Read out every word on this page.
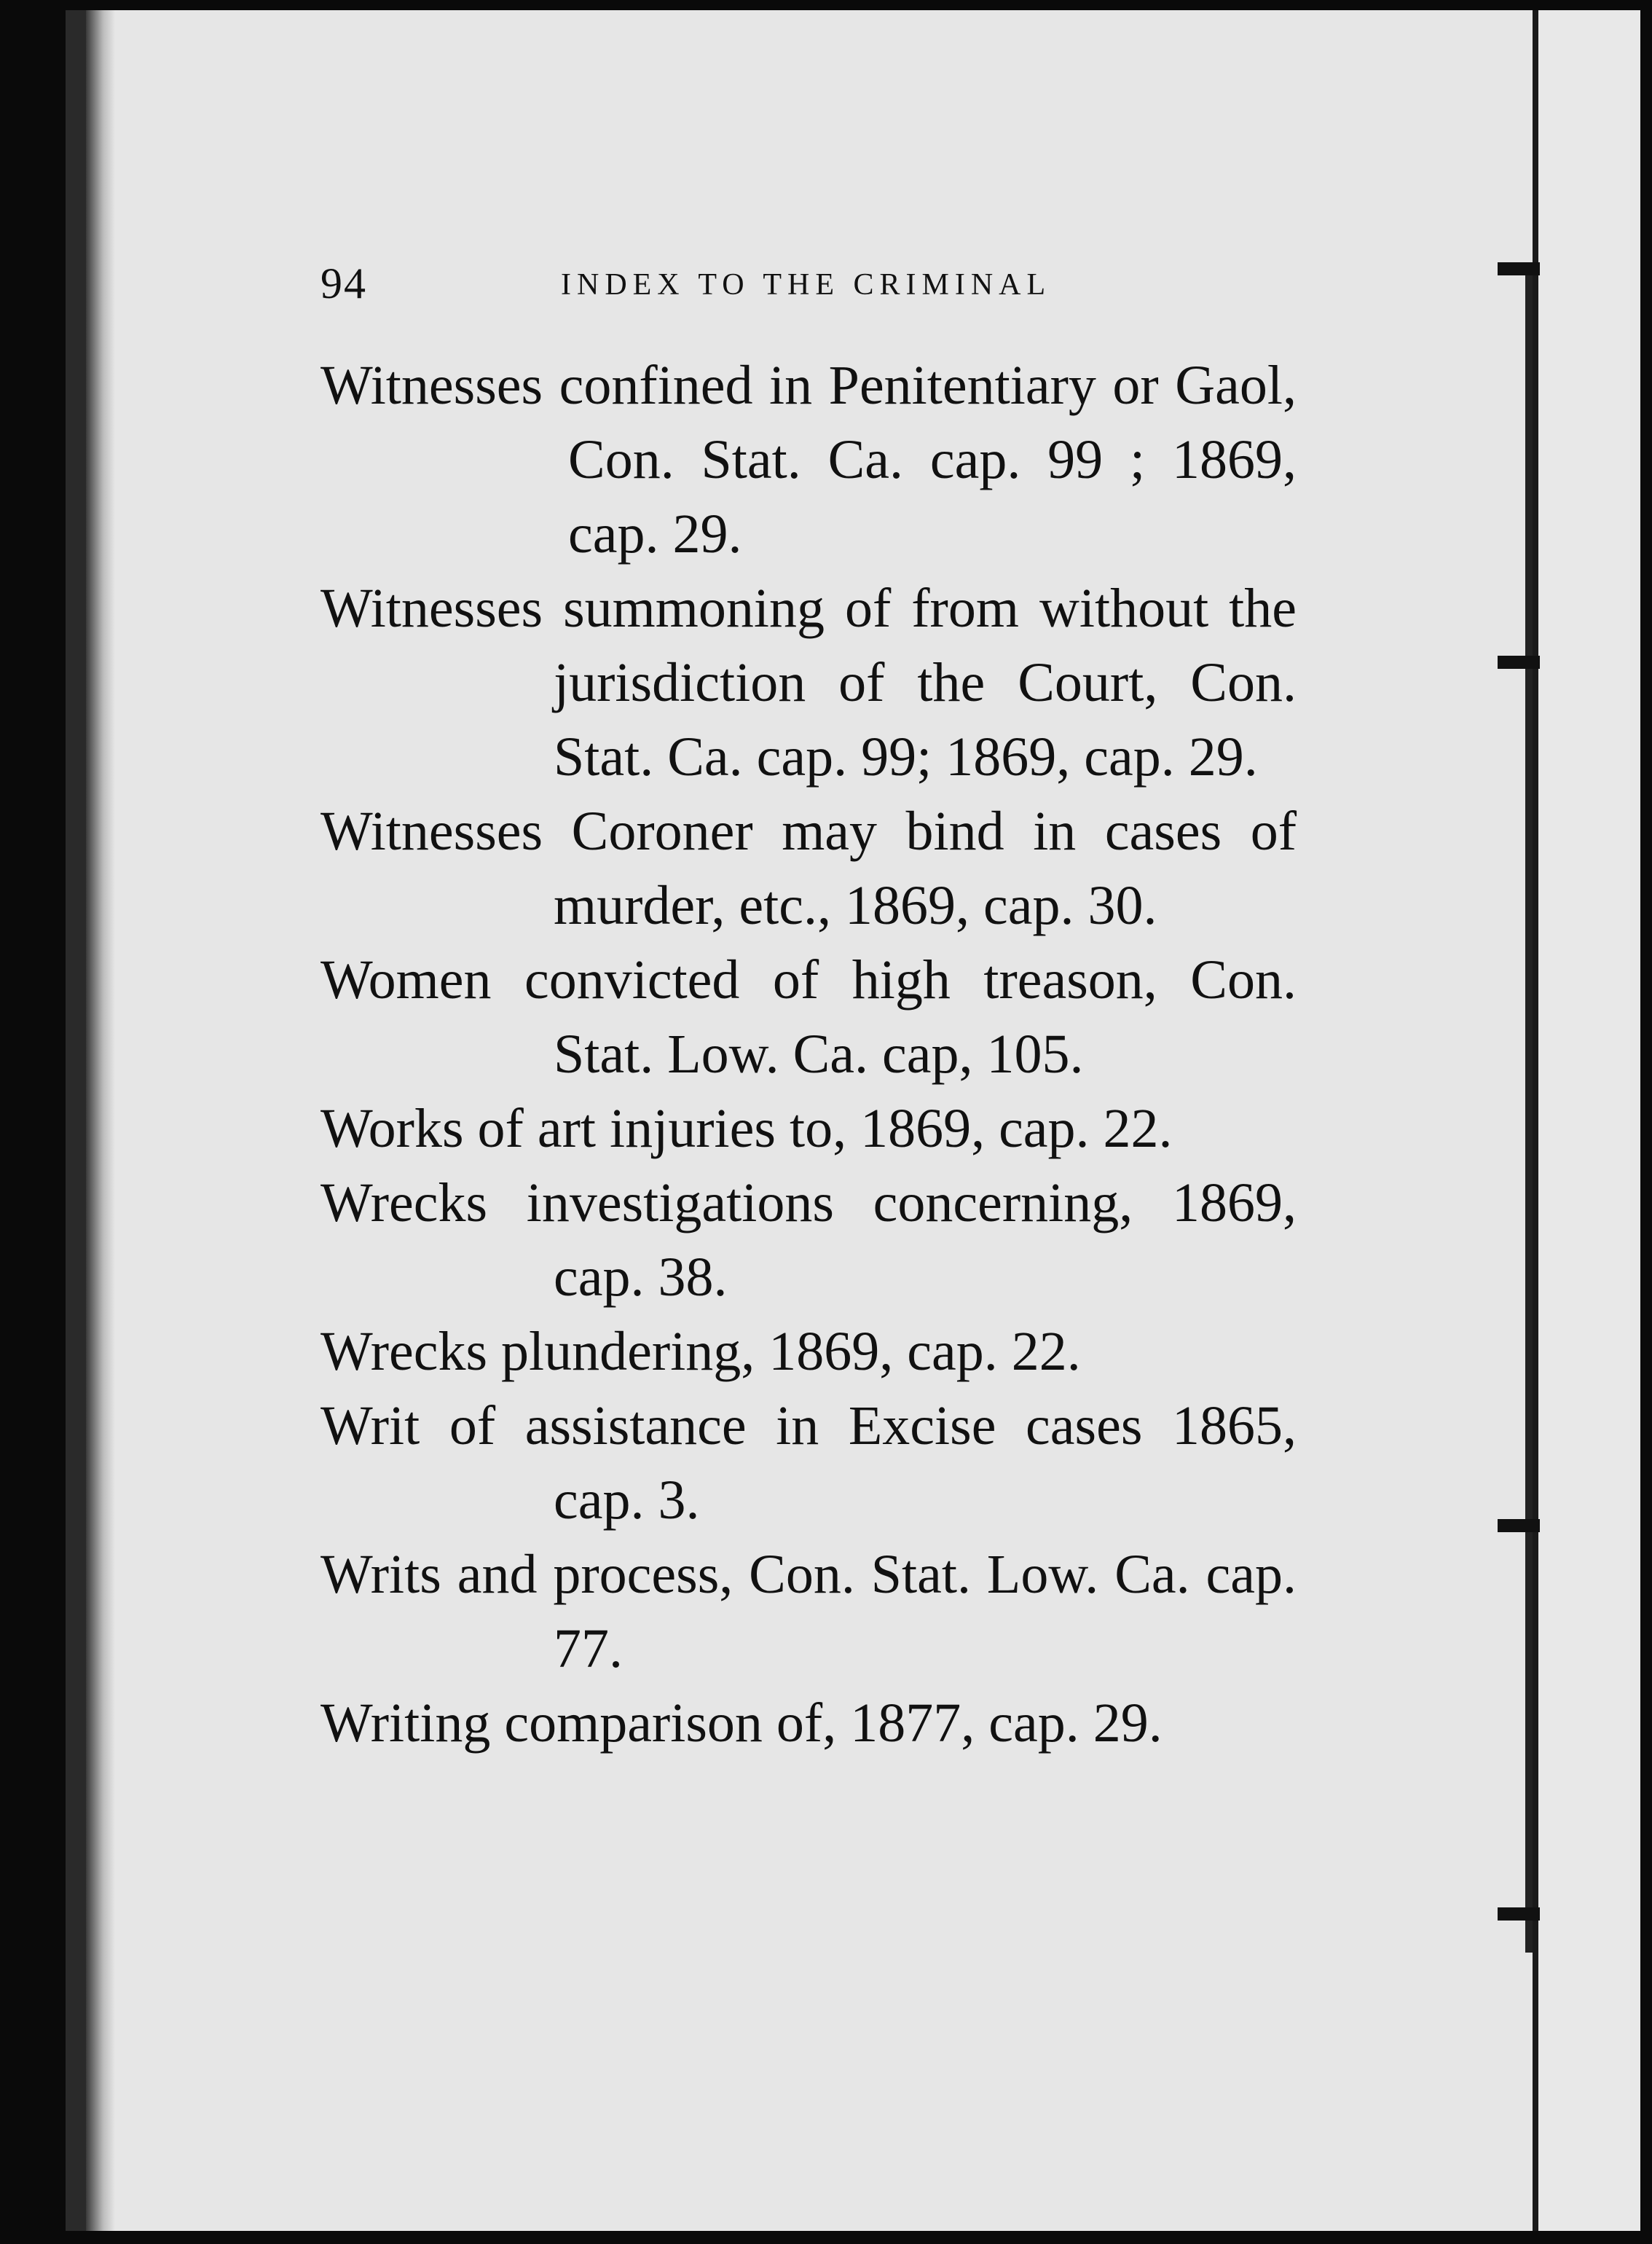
94	INDEX TO THE CRIMINAL
Witnesses confined in Penitentiary or Gaol, Con. Stat. Ca. cap. 99 ; 1869, cap. 29.
Witnesses summoning of from without the jurisdiction of the Court, Con. Stat. Ca. cap. 99; 1869, cap. 29.
Witnesses Coroner may bind in cases of murder, etc., 1869, cap. 30.
Women convicted of high treason, Con. Stat. Low. Ca. cap, 105.
Works of art injuries to, 1869, cap. 22.
Wrecks investigations concerning, 1869, cap. 38.
Wrecks plundering, 1869, cap. 22.
Writ of assistance in Excise cases 1865, cap. 3.
Writs and process, Con. Stat. Low. Ca. cap. 77.
Writing comparison of, 1877, cap. 29.
